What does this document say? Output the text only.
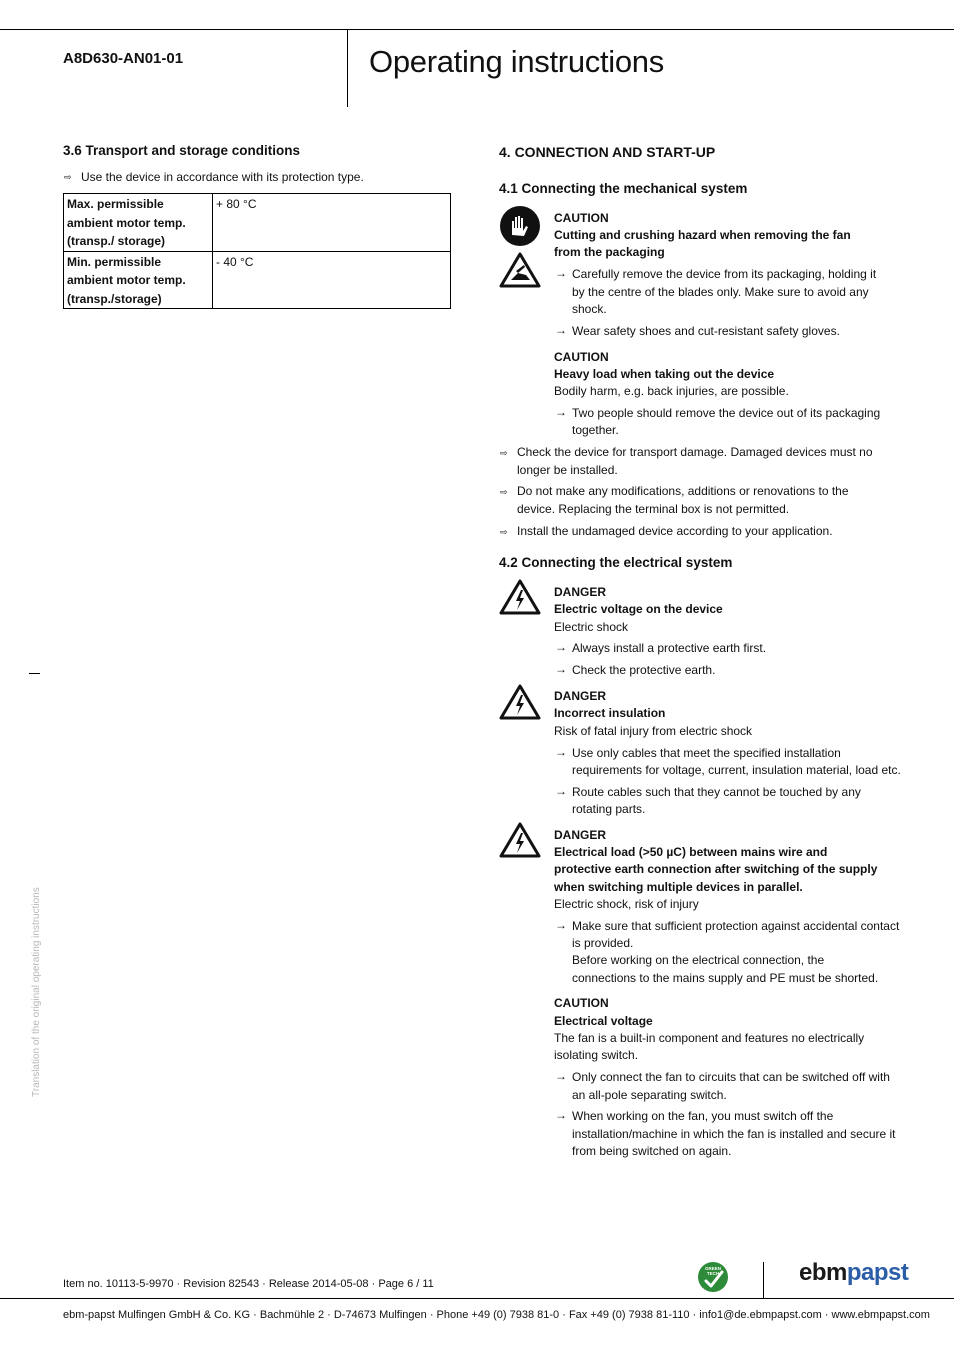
A8D630-AN01-01	Operating instructions
3.6 Transport and storage conditions
⇨ Use the device in accordance with its protection type.
Max. permissible
ambient motor temp.
(transp./ storage)	+ 80 °C

Min. permissible
ambient motor temp.
(transp./storage)	- 40 °C
Translation of the original operating instructions
4. CONNECTION AND START-UP
4.1 Connecting the mechanical system
CAUTION
Cutting and crushing hazard when removing the fan
from the packaging
→ Carefully remove the device from its packaging, holding it
by the centre of the blades only. Make sure to avoid any
shock.
→ Wear safety shoes and cut-resistant safety gloves.
CAUTION
Heavy load when taking out the device
Bodily harm, e.g. back injuries, are possible.
→ Two people should remove the device out of its packaging
together.
⇨ Check the device for transport damage. Damaged devices must no
longer be installed.
⇨ Do not make any modifications, additions or renovations to the
device. Replacing the terminal box is not permitted.
⇨ Install the undamaged device according to your application.
4.2 Connecting the electrical system
DANGER
Electric voltage on the device
Electric shock
→ Always install a protective earth first.
→ Check the protective earth.
DANGER
Incorrect insulation
Risk of fatal injury from electric shock
→ Use only cables that meet the specified installation
requirements for voltage, current, insulation material, load etc.
→ Route cables such that they cannot be touched by any
rotating parts.
DANGER
Electrical load (>50 µC) between mains wire and
protective earth connection after switching of the supply
when switching multiple devices in parallel.
Electric shock, risk of injury
→ Make sure that sufficient protection against accidental contact
is provided.
Before working on the electrical connection, the
connections to the mains supply and PE must be shorted.
CAUTION
Electrical voltage
The fan is a built-in component and features no electrically
isolating switch.
→ Only connect the fan to circuits that can be switched off with
an all-pole separating switch.
→ When working on the fan, you must switch off the
installation/machine in which the fan is installed and secure it
from being switched on again.
Item no. 10113-5-9970 · Revision 82543 · Release 2014-05-08 · Page 6 / 11
GREEN
TECH	ebmpapst
ebm-papst Mulfingen GmbH & Co. KG · Bachmühle 2 · D-74673 Mulfingen · Phone +49 (0) 7938 81-0 · Fax +49 (0) 7938 81-110 · info1@de.ebmpapst.com · www.ebmpapst.com
